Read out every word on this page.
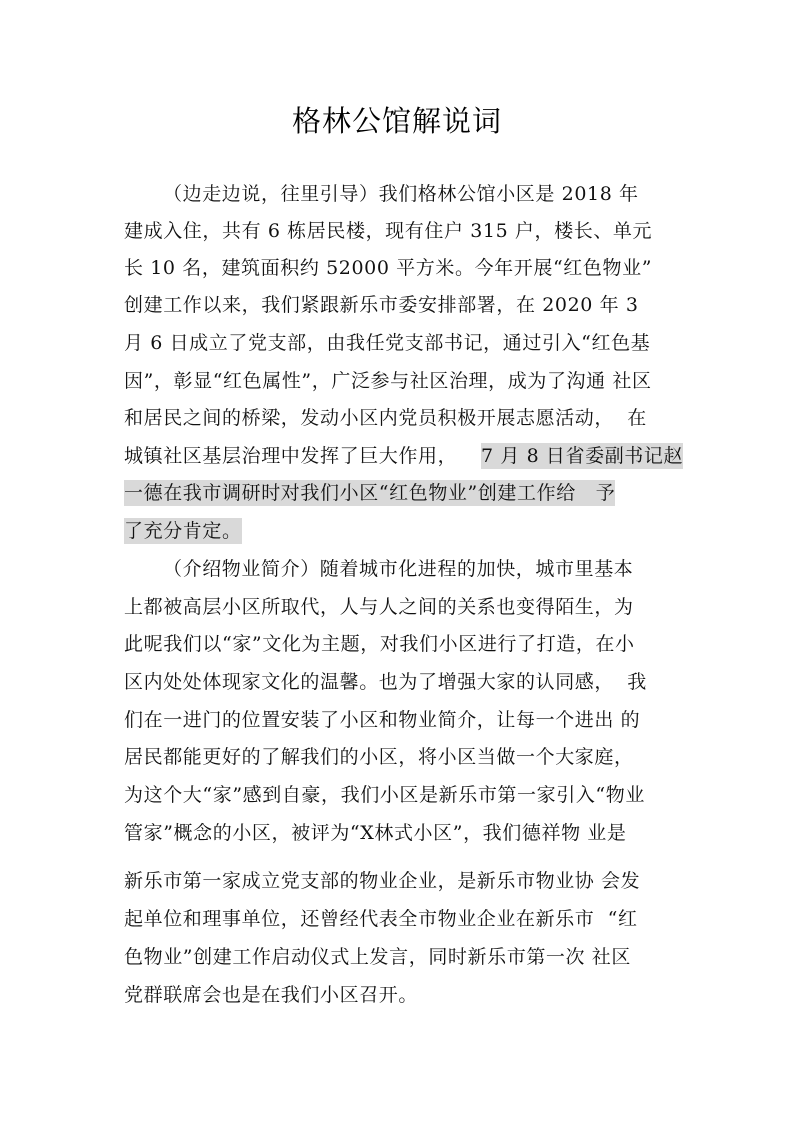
格林公馆解说词
（边走边说，往里引导）我们格林公馆小区是 2018 年
建成入住，共有 6 栋居民楼，现有住户 315 户，楼长、单元
长 10 名，建筑面积约 52000 平方米。今年开展“红色物业”
创建工作以来，我们紧跟新乐市委安排部署，在 2020 年 3
月 6 日成立了党支部，由我任党支部书记，通过引入“红色基
因”，彰显“红色属性”，广泛参与社区治理，成为了沟通 社区
和居民之间的桥梁，发动小区内党员积极开展志愿活动，  在
城镇社区基层治理中发挥了巨大作用， 7 月 8 日省委副书记赵
一德在我市调研时对我们小区“红色物业”创建工作给   予
了充分肯定。
（介绍物业简介）随着城市化进程的加快，城市里基本
上都被高层小区所取代，人与人之间的关系也变得陌生，为
此呢我们以“家”文化为主题，对我们小区进行了打造，在小
区内处处体现家文化的温馨。也为了增强大家的认同感，  我
们在一进门的位置安装了小区和物业简介，让每一个进出 的
居民都能更好的了解我们的小区，将小区当做一个大家庭，
为这个大“家”感到自豪，我们小区是新乐市第一家引入“物业
管家”概念的小区，被评为“X林式小区”，我们德祥物 业是
新乐市第一家成立党支部的物业企业，是新乐市物业协 会发
起单位和理事单位，还曾经代表全市物业企业在新乐市  “红
色物业”创建工作启动仪式上发言，同时新乐市第一次 社区
党群联席会也是在我们小区召开。
